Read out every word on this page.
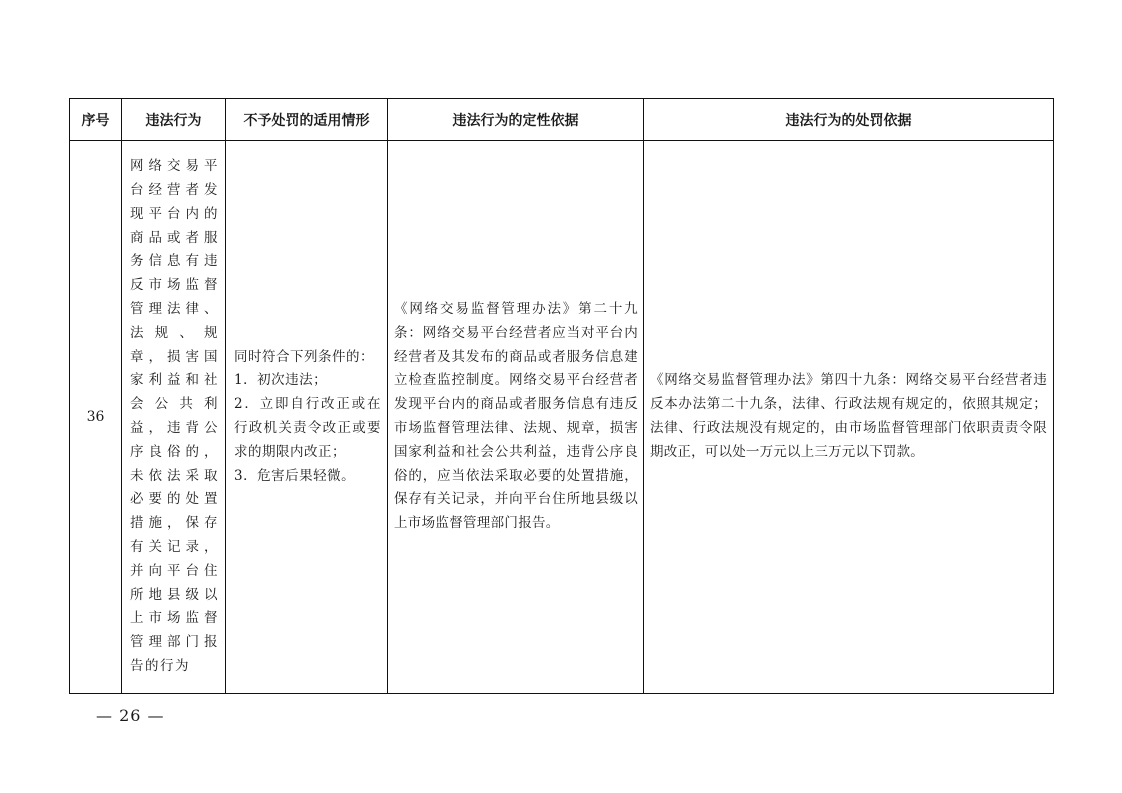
序号	违法行为	不予处罚的适用情形	违法行为的定性依据	违法行为的处罚依据
36	网络交易平台经营者发现平台内的商品或者服务信息有违反市场监督管理法律、法规、规章，损害国家利益和社会公共利益，违背公序良俗的，未依法采取必要的处置措施，保存有关记录，并向平台住所地县级以上市场监督管理部门报告的行为	同时符合下列条件的：
1．初次违法；
2．立即自行改正或在行政机关责令改正或要求的期限内改正；
3．危害后果轻微。	《网络交易监督管理办法》第二十九条：网络交易平台经营者应当对平台内经营者及其发布的商品或者服务信息建立检查监控制度。网络交易平台经营者发现平台内的商品或者服务信息有违反市场监督管理法律、法规、规章，损害国家利益和社会公共利益，违背公序良俗的，应当依法采取必要的处置措施，保存有关记录，并向平台住所地县级以上市场监督管理部门报告。	《网络交易监督管理办法》第四十九条：网络交易平台经营者违反本办法第二十九条，法律、行政法规有规定的，依照其规定；法律、行政法规没有规定的，由市场监督管理部门依职责责令限期改正，可以处一万元以上三万元以下罚款。
— 26 —
